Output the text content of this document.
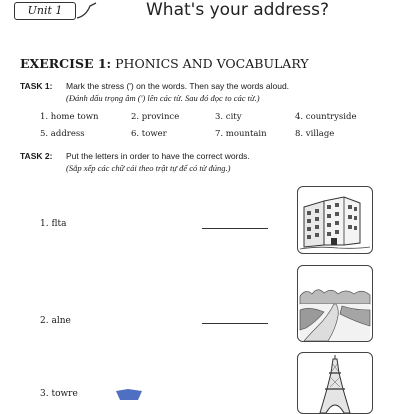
Unit 1	What's your address?
EXERCISE 1: PHONICS AND VOCABULARY
TASK 1: Mark the stress (') on the words. Then say the words aloud.
(Đánh dấu trọng âm (') lên các từ. Sau đó đọc to các từ.)
1. home town	2. province	3. city	4. countryside
5. address	6. tower	7. mountain	8. village
TASK 2: Put the letters in order to have the correct words.
(Sắp xếp các chữ cái theo trật tự để có từ đúng.)
1. flta
2. alne
3. towre
